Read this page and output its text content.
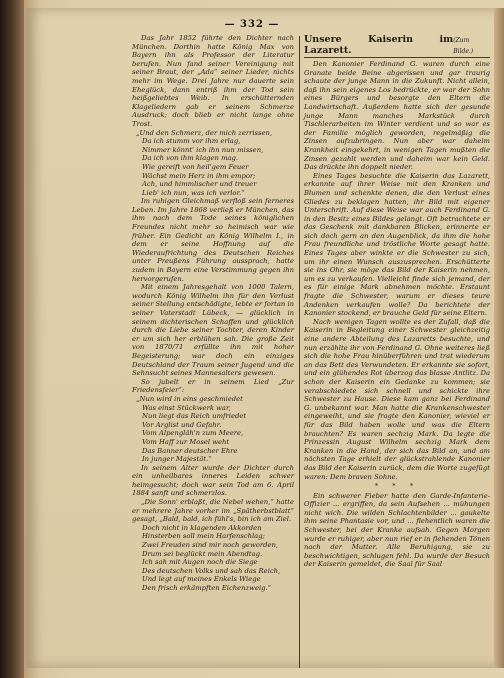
— 332 —

Das Jahr 1852 führte den Dichter nach München. Dorthin hatte König Max von Bayern ihn als Professor der Literatur berufen. Nun fand seiner Vereinigung mit seiner Braut, der „Ada“ seiner Lieder, nichts mehr im Wege. Drei Jahre nur dauerte sein Eheglück, dann entriß ihm der Tod sein heißgeliebtes Weib. In erschütternden Klageliedern gab er seinem Schmerze Ausdruck; doch blieb er nicht lange ohne Trost.

„Und den Schmerz, der mich zerrissen,
Da ich stumm vor ihm erlag,
Nimmer könnt' ich ihn nun missen,
Da ich von ihm klagen mag.
Wie gereift von heil'gem Feuer
Wächst mein Herz in ihm empor;
Ach, und himmlischer und treuer
Lieb' ich nun, was ich verlor.“

Im ruhigen Gleichmaß verfloß sein ferneres Leben. Im Jahre 1868 verließ er München, das ihm nach dem Tode seines königlichen Freundes nicht mehr so heimisch war wie früher. Ein Gedicht an König Wilhelm I., in dem er seine Hoffnung auf die Wiederaufrichtung des Deutschen Reiches unter Preußens Führung aussprach, hatte zudem in Bayern eine Verstimmung gegen ihn hervorgerufen.

Mit einem Jahresgehalt von 1000 Talern, wodurch König Wilhelm ihn für den Verlust seiner Stellung entschädigte, lebte er fortan in seiner Vaterstadt Lübeck, — glücklich in seinem dichterischen Schaffen und glücklich durch die Liebe seiner Tochter, deren Kinder er um sich her erblühen sah. Die große Zeit von 1870/71 erfüllte ihn mit hoher Begeisterung; war doch ein einziges Deutschland der Traum seiner Jugend und die Sehnsucht seines Mannesalters gewesen.

So jubelt er in seinem Lied „Zur Friedensfeier“:

„Nun wird in eins geschmiedet
Was einst Stückwerk war,
Nun liegt das Reich umfriedet
Vor Arglist und Gefahr.
Vom Alpengläh'n zum Meere,
Vom Haff zur Mosel weht
Das Banner deutscher Ehre
In junger Majestät.“

In seinem Alter wurde der Dichter durch ein unheilbares inneres Leiden schwer heimgesucht; doch war sein Tod am 6. April 1884 sanft und schmerzlos.

„Die Sonn' erblaßt, die Nebel wehen,“ hatte er mehrere Jahre vorher im „Spätherbstblatt“ gesagt, „Bald, bald, ich fühl's, bin ich am Ziel.

Doch nicht in klagenden Akkorden
Hinsterben soll mein Harfenschlag;
Zwei Freuden sind mir noch geworden,
Drum sei beglückt mein Abendtag.
Ich sah mit Augen noch die Siege
Des deutschen Volks und sah das Reich,
Und legt auf meines Enkels Wiege
Den frisch erkämpften Eichenzweig.“
Unsere Kaiserin im Lazarett.
(Zum Bilde.)

Den Kanonier Ferdinand G. waren durch eine Granate beide Beine abgerissen und gar traurig schaute der junge Mann in die Zukunft. Nicht allein, daß ihn sein eigenes Los bedrückte, er war der Sohn eines Bürgers und besorgte den Eltern die Landwirtschaft. Außerdem hatte sich der gesunde junge Mann manches Markstück durch Tischlerarbeiten im Winter verdient und so war es der Familie möglich geworden, regelmäßig die Zinsen aufzubringen. Nun aber war daheim Krankheit eingekehrt, in wenigen Tagen mußten die Zinsen gezahlt werden und daheim war kein Geld. Das drückte ihn doppelt nieder.

Eines Tages besuchte die Kaiserin das Lazarett, erkannte auf ihrer Weise mit den Kranken und Blumen und schenkte denen, die den Verlust eines Gliedes zu beklagen hatten, ihr Bild mit eigener Unterschrift. Auf diese Weise war auch Ferdinand G. in den Besitz eines Bildes gelangt. Oft betrachtete er das Geschenk mit dankbaren Blicken, erinnerte er sich doch gern an den Augenblick, da ihm die hohe Frau freundliche und tröstliche Worte gesagt hatte. Eines Tages aber winkte er die Schwester zu sich, um ihr einen Wunsch auszusprechen. Erschütterte sie ins Ohr, sie möge das Bild der Kaiserin nehmen, um es zu verkaufen. Vielleicht finde sich jemand, der es für einige Mark abnehmen möchte. Erstaunt fragte die Schwester, warum er dieses teure Andenken verkaufen wolle? Da berichtete der Kanonier stockend, er brauche Geld für seine Eltern.

Nach wenigen Tagen wollte es der Zufall, daß die Kaiserin in Begleitung einer Schwester gleichzeitig eine andere Abteilung des Lazaretts besuchte, und nun erzählte ihr von Ferdinand G. Ohne weiteres ließ sich die hohe Frau hinüberführen und trat wiederum an das Bett des Verwundeten. Er erkannte sie sofort, und ein glühendes Rot überzog das blasse Antlitz. Da schon der Kaiserin ein Gedanke zu kommen; sie verabschiedete sich schnell und schickte ihre Schwester zu Hause. Diese kam ganz bei Ferdinand G. unbekannt war. Man hatte die Krankenschwester eingeweiht, und sie fragte den Kanonier, wieviel er für das Bild haben wolle und was die Eltern brauchten? Es waren sechzig Mark. Da legte die Prinzessin August Wilhelm sechzig Mark dem Kranken in die Hand, der sich das Bild an, und am nächsten Tage erhielt der glückstrahlende Kanonier das Bild der Kaiserin zurück, dem die Worte zugefügt waren: Dem braven Sohne.

* * *

Ein schwerer Fieber hatte den Garde-Infanterie-Offizier ... ergriffen, da sein Aufsehen ... mühungen nicht wich. Die wilden Schlachtenbilder ... gaukelte ihm seine Phantasie vor, und ... flehentlich waren die Schwester, bei der Kranke aufsah. Gegen Morgen wurde er ruhiger, aber nun rief er in flehenden Tönen nach der Mutter. Alle Beruhigung, sie zu beschwichtigen, schlugen fehl. Da wurde der Besuch der Kaiserin gemeldet, die Saal für Saal
